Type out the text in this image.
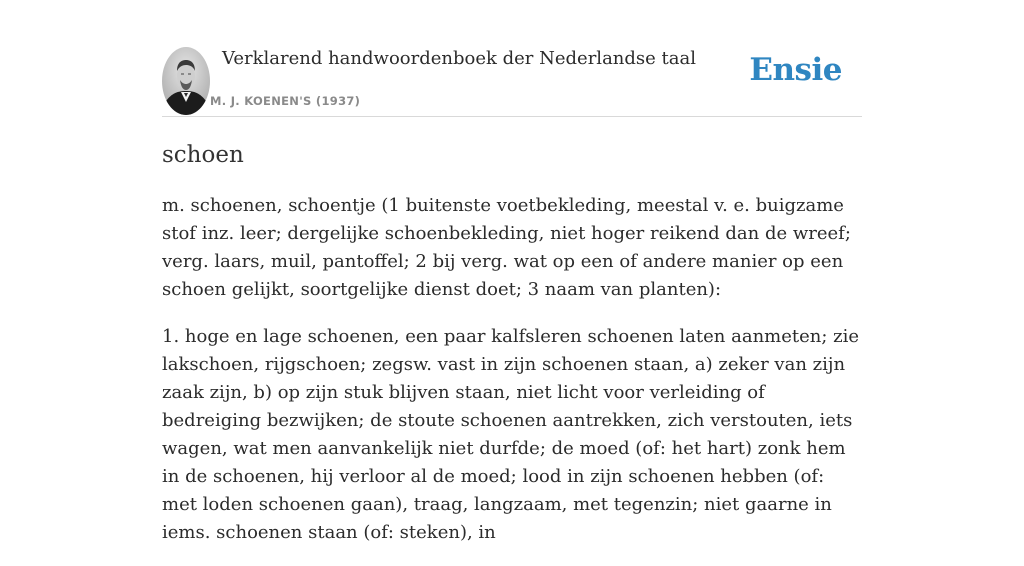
Verklarend handwoordenboek der Nederlandse taal
M. J. KOENEN'S (1937)
Ensie
schoen

m. schoenen, schoentje (1 buitenste voetbekleding, meestal v. e. buigzame stof inz. leer; dergelijke schoenbekleding, niet hoger reikend dan de wreef; verg. laars, muil, pantoffel; 2 bij verg. wat op een of andere manier op een schoen gelijkt, soortgelijke dienst doet; 3 naam van planten):

1. hoge en lage schoenen, een paar kalfsleren schoenen laten aanmeten; zie lakschoen, rijgschoen; zegsw. vast in zijn schoenen staan, a) zeker van zijn zaak zijn, b) op zijn stuk blijven staan, niet licht voor verleiding of bedreiging bezwijken; de stoute schoenen aantrekken, zich verstouten, iets wagen, wat men aanvankelijk niet durfde; de moed (of: het hart) zonk hem in de schoenen, hij verloor al de moed; lood in zijn schoenen hebben (of: met loden schoenen gaan), traag, langzaam, met tegenzin; niet gaarne in iems. schoenen staan (of: steken), in
